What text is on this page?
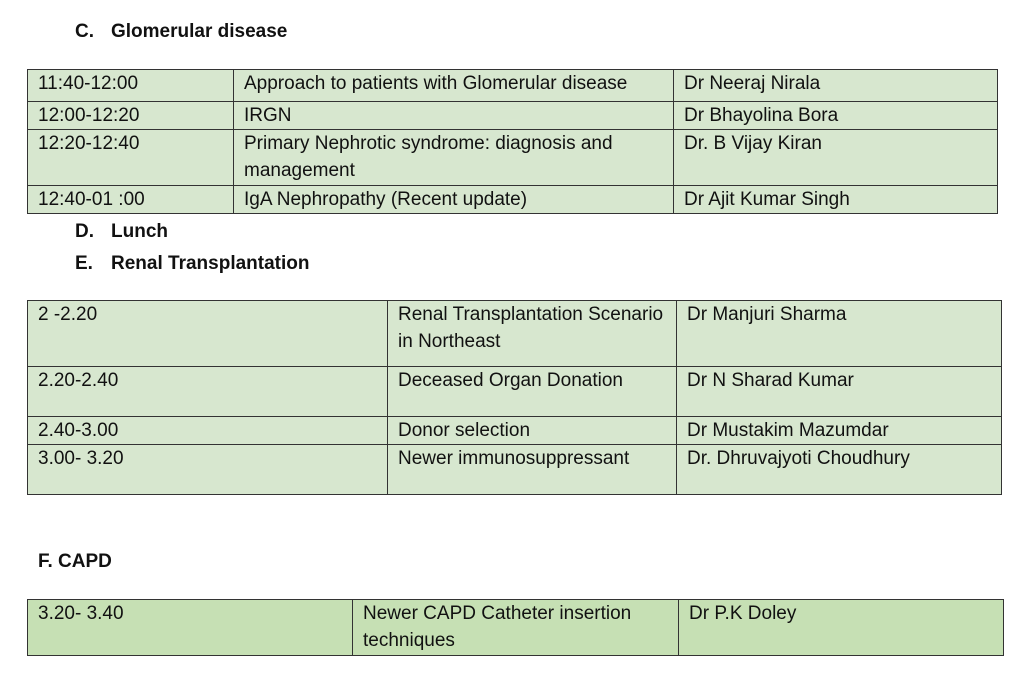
C. Glomerular disease
11:40-12:00	Approach to patients with Glomerular disease	Dr Neeraj Nirala
12:00-12:20	IRGN	Dr Bhayolina Bora
12:20-12:40	Primary Nephrotic syndrome: diagnosis and management	Dr. B Vijay Kiran
12:40-01 :00	IgA Nephropathy (Recent update)	Dr Ajit Kumar Singh
D. Lunch
E. Renal Transplantation
2 -2.20	Renal Transplantation Scenario in Northeast	Dr Manjuri Sharma
2.20-2.40	Deceased Organ Donation	Dr N Sharad Kumar
2.40-3.00	Donor selection	Dr Mustakim Mazumdar
3.00- 3.20	Newer immunosuppressant	Dr. Dhruvajyoti Choudhury
F. CAPD
3.20- 3.40	Newer CAPD Catheter insertion techniques	Dr P.K Doley
